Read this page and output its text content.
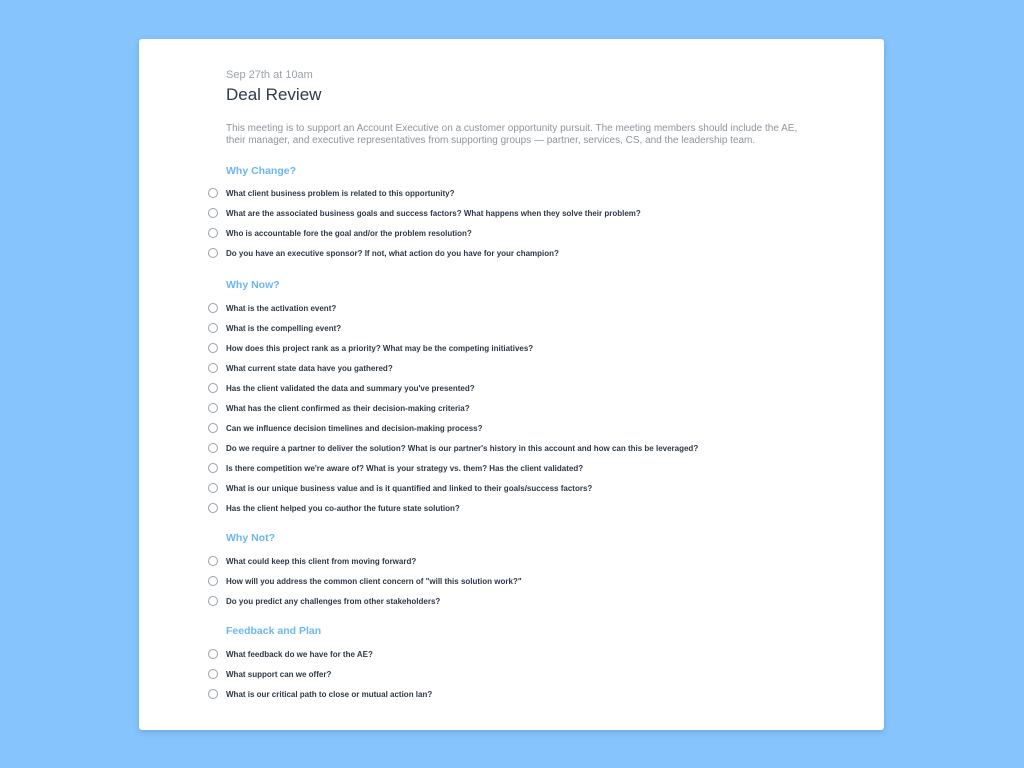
Sep 27th at 10am

Deal Review

This meeting is to support an Account Executive on a customer opportunity pursuit. The meeting members should include the AE, their manager, and executive representatives from supporting groups — partner, services, CS, and the leadership team.

Why Change?
What client business problem is related to this opportunity?
What are the associated business goals and success factors? What happens when they solve their problem?
Who is accountable fore the goal and/or the problem resolution?
Do you have an executive sponsor? If not, what action do you have for your champion?
Why Now?
What is the activation event?
What is the compelling event?
How does this project rank as a priority? What may be the competing initiatives?
What current state data have you gathered?
Has the client validated the data and summary you've presented?
What has the client confirmed as their decision-making criteria?
Can we influence decision timelines and decision-making process?
Do we require a partner to deliver the solution? What is our partner's history in this account and how can this be leveraged?
Is there competition we're aware of? What is your strategy vs. them? Has the client validated?
What is our unique business value and is it quantified and linked to their goals/success factors?
Has the client helped you co-author the future state solution?
Why Not?
What could keep this client from moving forward?
How will you address the common client concern of "will this solution work?"
Do you predict any challenges from other stakeholders?
Feedback and Plan
What feedback do we have for the AE?
What support can we offer?
What is our critical path to close or mutual action lan?
